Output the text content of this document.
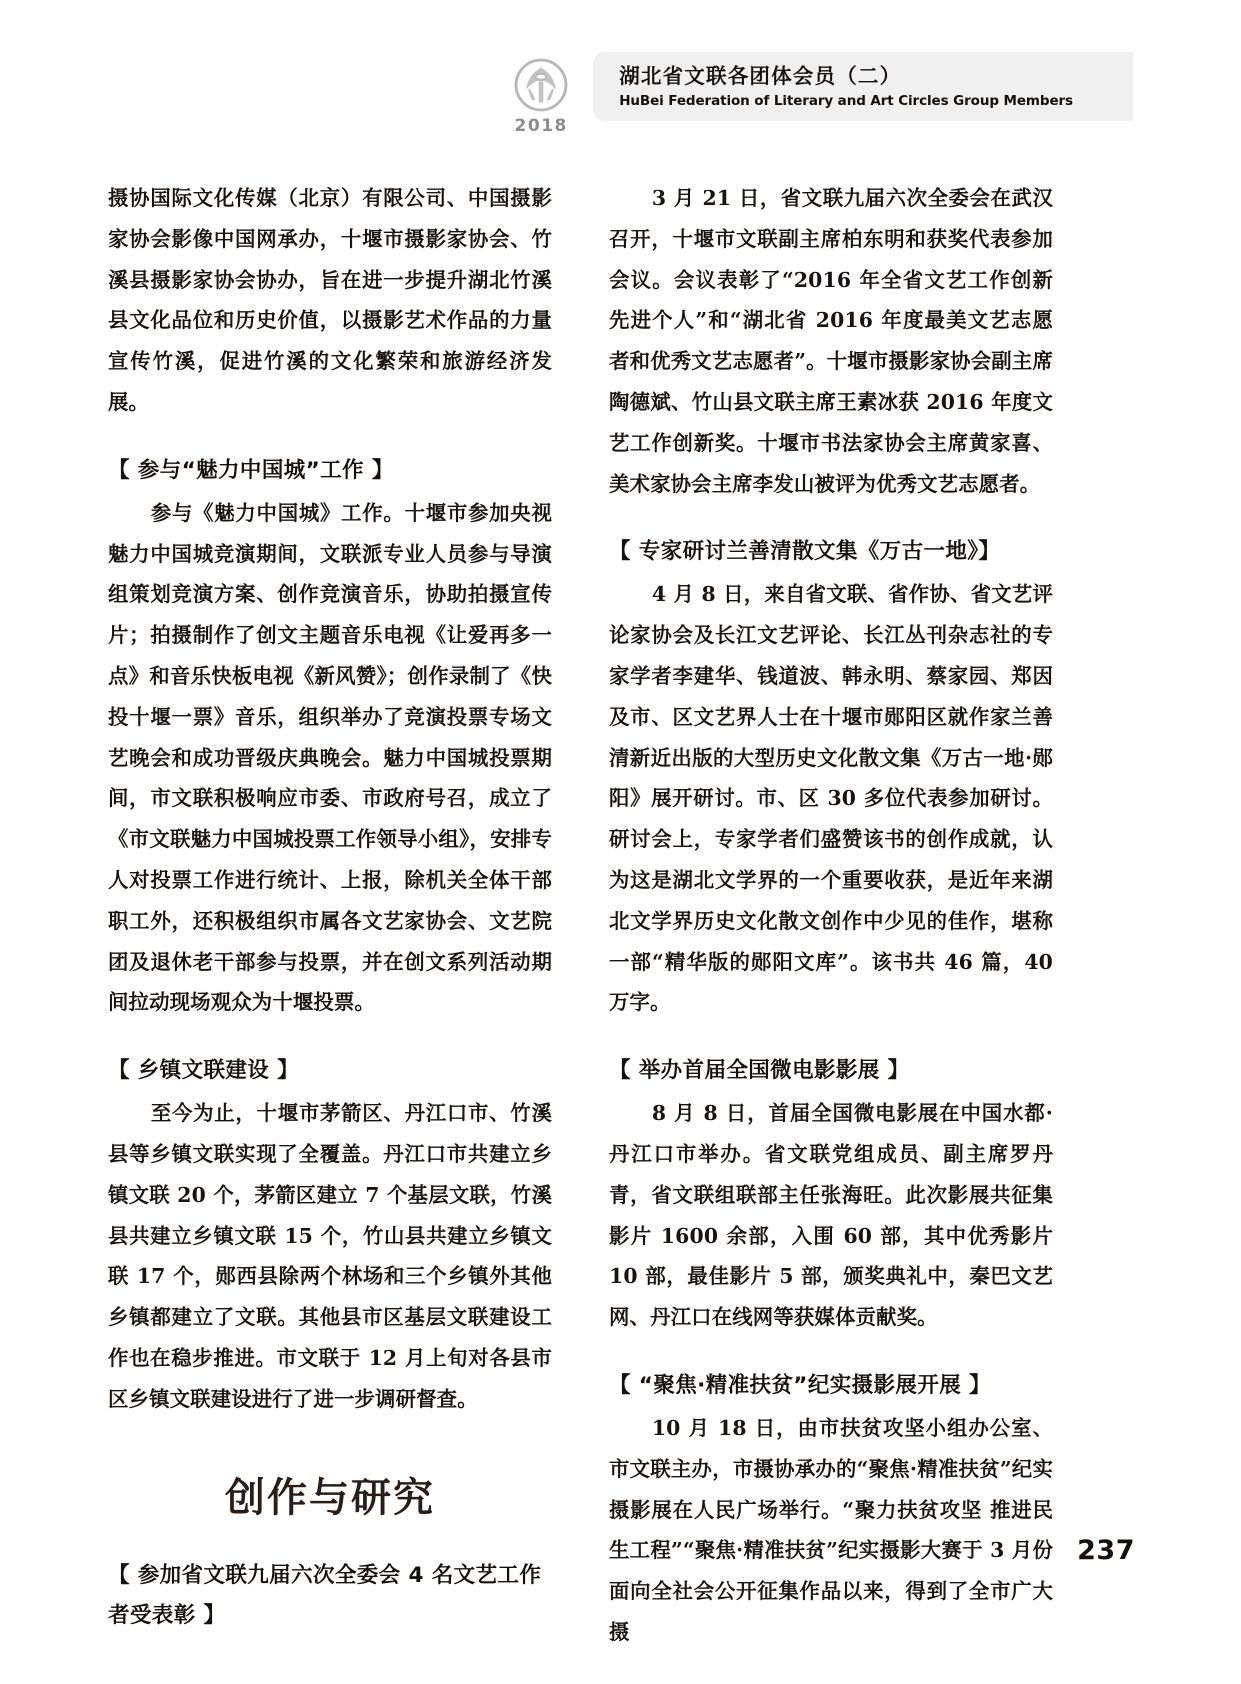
2018
湖北省文联各团体会员（二）
HuBei Federation of Literary and Art Circles Group Members

摄协国际文化传媒（北京）有限公司、中国摄影家协会影像中国网承办，十堰市摄影家协会、竹溪县摄影家协会协办，旨在进一步提升湖北竹溪县文化品位和历史价值，以摄影艺术作品的力量宣传竹溪，促进竹溪的文化繁荣和旅游经济发展。

【 参与“魅力中国城”工作 】

参与《魅力中国城》工作。十堰市参加央视魅力中国城竞演期间，文联派专业人员参与导演组策划竞演方案、创作竞演音乐，协助拍摄宣传片；拍摄制作了创文主题音乐电视《让爱再多一点》和音乐快板电视《新风赞》；创作录制了《快投十堰一票》音乐，组织举办了竞演投票专场文艺晚会和成功晋级庆典晚会。魅力中国城投票期间，市文联积极响应市委、市政府号召，成立了《市文联魅力中国城投票工作领导小组》，安排专人对投票工作进行统计、上报，除机关全体干部职工外，还积极组织市属各文艺家协会、文艺院团及退休老干部参与投票，并在创文系列活动期间拉动现场观众为十堰投票。

【 乡镇文联建设 】

至今为止，十堰市茅箭区、丹江口市、竹溪县等乡镇文联实现了全覆盖。丹江口市共建立乡镇文联 20 个，茅箭区建立 7 个基层文联，竹溪县共建立乡镇文联 15 个，竹山县共建立乡镇文联 17 个，郧西县除两个林场和三个乡镇外其他乡镇都建立了文联。其他县市区基层文联建设工作也在稳步推进。市文联于 12 月上旬对各县市区乡镇文联建设进行了进一步调研督查。

创作与研究
【 参加省文联九届六次全委会 4 名文艺工作者受表彰 】

3 月 21 日，省文联九届六次全委会在武汉召开，十堰市文联副主席柏东明和获奖代表参加会议。会议表彰了“2016 年全省文艺工作创新先进个人”和“湖北省 2016 年度最美文艺志愿者和优秀文艺志愿者”。十堰市摄影家协会副主席陶德斌、竹山县文联主席王素冰获 2016 年度文艺工作创新奖。十堰市书法家协会主席黄家喜、美术家协会主席李发山被评为优秀文艺志愿者。

【 专家研讨兰善清散文集《万古一地》】

4 月 8 日，来自省文联、省作协、省文艺评论家协会及长江文艺评论、长江丛刊杂志社的专家学者李建华、钱道波、韩永明、蔡家园、郑因及市、区文艺界人士在十堰市郧阳区就作家兰善清新近出版的大型历史文化散文集《万古一地·郧阳》展开研讨。市、区 30 多位代表参加研讨。研讨会上，专家学者们盛赞该书的创作成就，认为这是湖北文学界的一个重要收获，是近年来湖北文学界历史文化散文创作中少见的佳作，堪称一部“精华版的郧阳文库”。该书共 46 篇，40 万字。

【 举办首届全国微电影影展 】

8 月 8 日，首届全国微电影展在中国水都·丹江口市举办。省文联党组成员、副主席罗丹青，省文联组联部主任张海旺。此次影展共征集影片 1600 余部，入围 60 部，其中优秀影片 10 部，最佳影片 5 部，颁奖典礼中，秦巴文艺网、丹江口在线网等获媒体贡献奖。

【 “聚焦·精准扶贫”纪实摄影展开展 】

10 月 18 日，由市扶贫攻坚小组办公室、市文联主办，市摄协承办的“聚焦·精准扶贫”纪实摄影展在人民广场举行。“聚力扶贫攻坚 推进民生工程”“聚焦·精准扶贫”纪实摄影大赛于 3 月份面向全社会公开征集作品以来，得到了全市广大摄

237
